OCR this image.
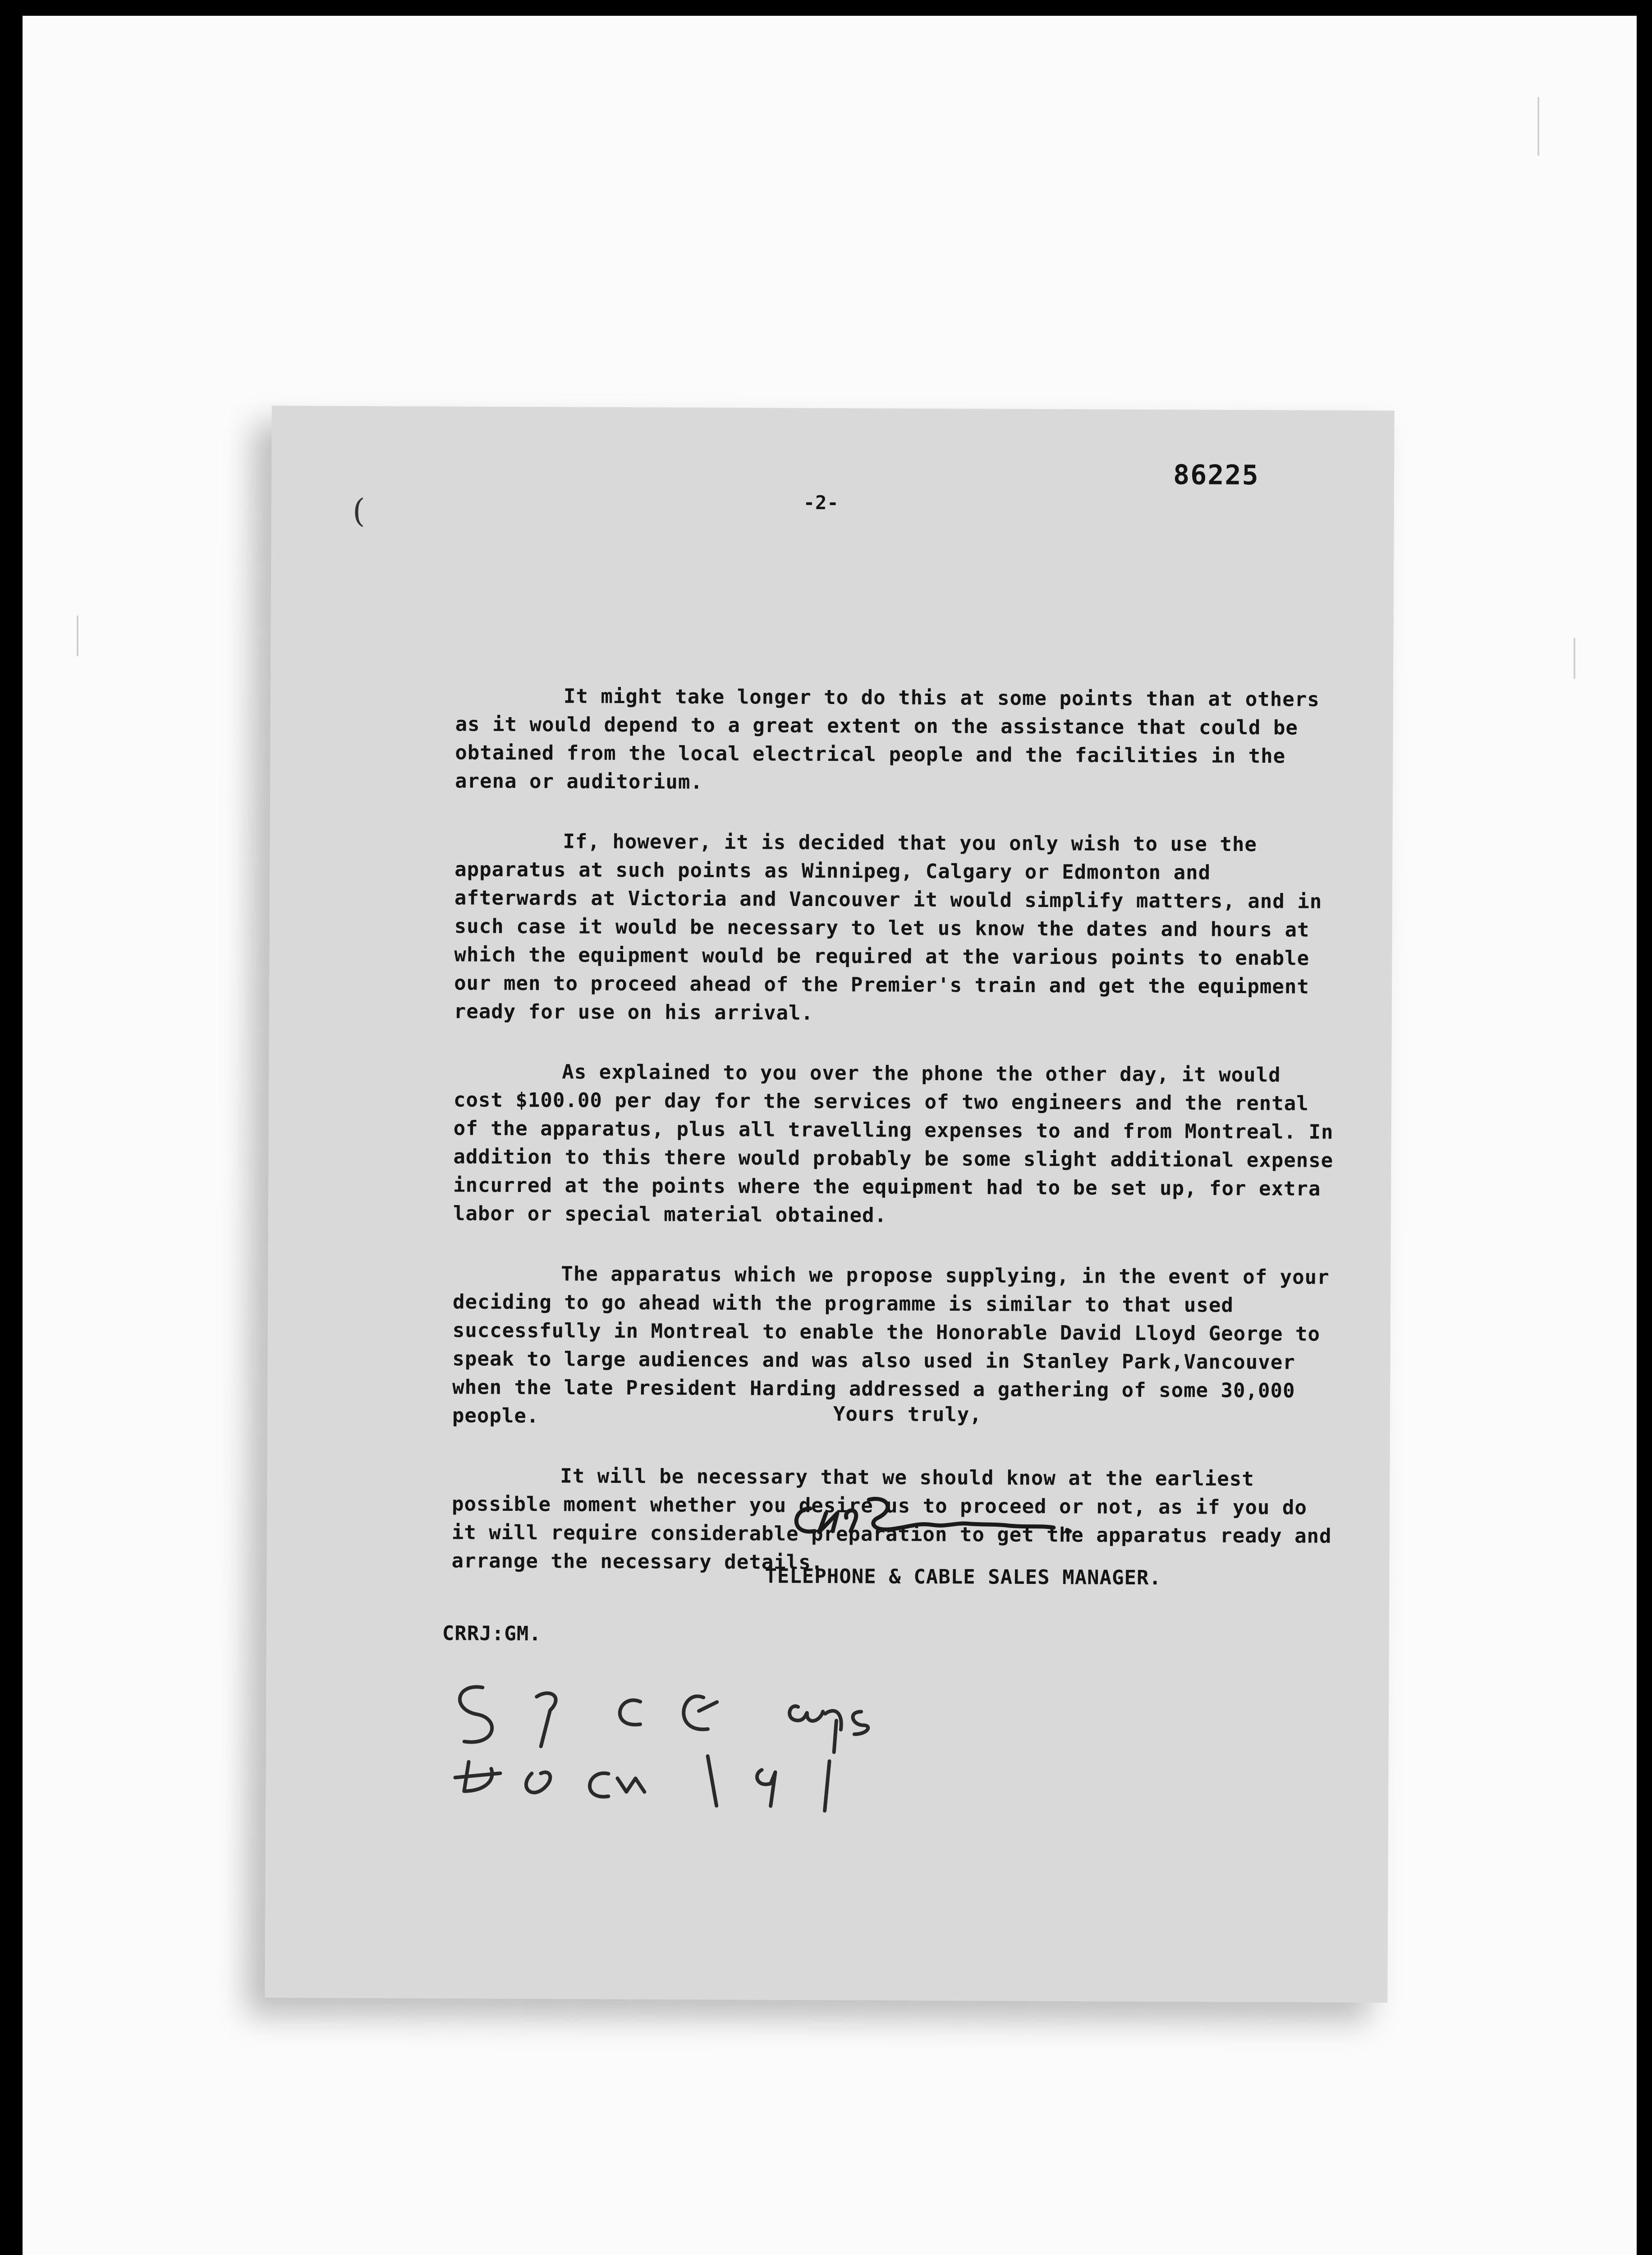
(
86225
-2-

It might take longer to do this at some points than at others as it would depend to a great extent on the assistance that could be obtained from the local electrical people and the facilities in the arena or auditorium.

If, however, it is decided that you only wish to use the apparatus at such points as Winnipeg, Calgary or Edmonton and afterwards at Victoria and Vancouver it would simplify matters, and in such case it would be necessary to let us know the dates and hours at which the equipment would be required at the various points to enable our men to proceed ahead of the Premier's train and get the equipment ready for use on his arrival.

As explained to you over the phone the other day, it would cost $100.00 per day for the services of two engineers and the rental of the apparatus, plus all travelling expenses to and from Montreal. In addition to this there would probably be some slight additional expense incurred at the points where the equipment had to be set up, for extra labor or special material obtained.

The apparatus which we propose supplying, in the event of your deciding to go ahead with the programme is similar to that used successfully in Montreal to enable the Honorable David Lloyd George to speak to large audiences and was also used in Stanley Park,Vancouver when the late President Harding addressed a gathering of some 30,000 people.

It will be necessary that we should know at the earliest possible moment whether you desire us to proceed or not, as if you do it will require considerable preparation to get the apparatus ready and arrange the necessary details.

Yours truly,
TELEPHONE & CABLE SALES MANAGER.
CRRJ:GM.
